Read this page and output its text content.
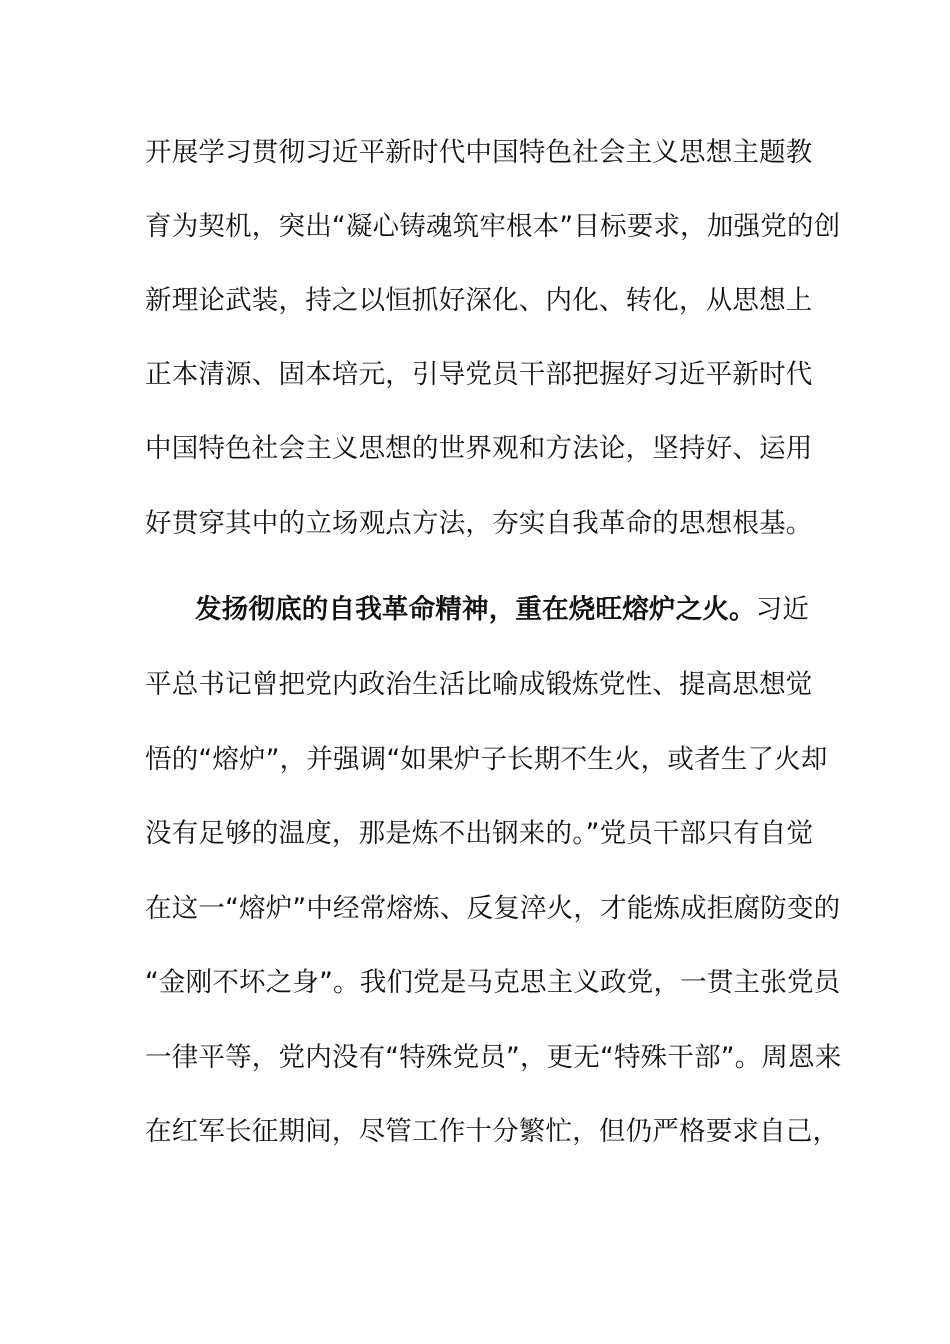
开展学习贯彻习近平新时代中国特色社会主义思想主题教
育为契机，突出“凝心铸魂筑牢根本”目标要求，加强党的创
新理论武装，持之以恒抓好深化、内化、转化，从思想上
正本清源、固本培元，引导党员干部把握好习近平新时代
中国特色社会主义思想的世界观和方法论，坚持好、运用
好贯穿其中的立场观点方法，夯实自我革命的思想根基。
发扬彻底的自我革命精神，重在烧旺熔炉之火。习近
平总书记曾把党内政治生活比喻成锻炼党性、提高思想觉
悟的“熔炉”，并强调“如果炉子长期不生火，或者生了火却
没有足够的温度，那是炼不出钢来的。”党员干部只有自觉
在这一“熔炉”中经常熔炼、反复淬火，才能炼成拒腐防变的
“金刚不坏之身”。我们党是马克思主义政党，一贯主张党员
一律平等，党内没有“特殊党员”，更无“特殊干部”。周恩来
在红军长征期间，尽管工作十分繁忙，但仍严格要求自己，
